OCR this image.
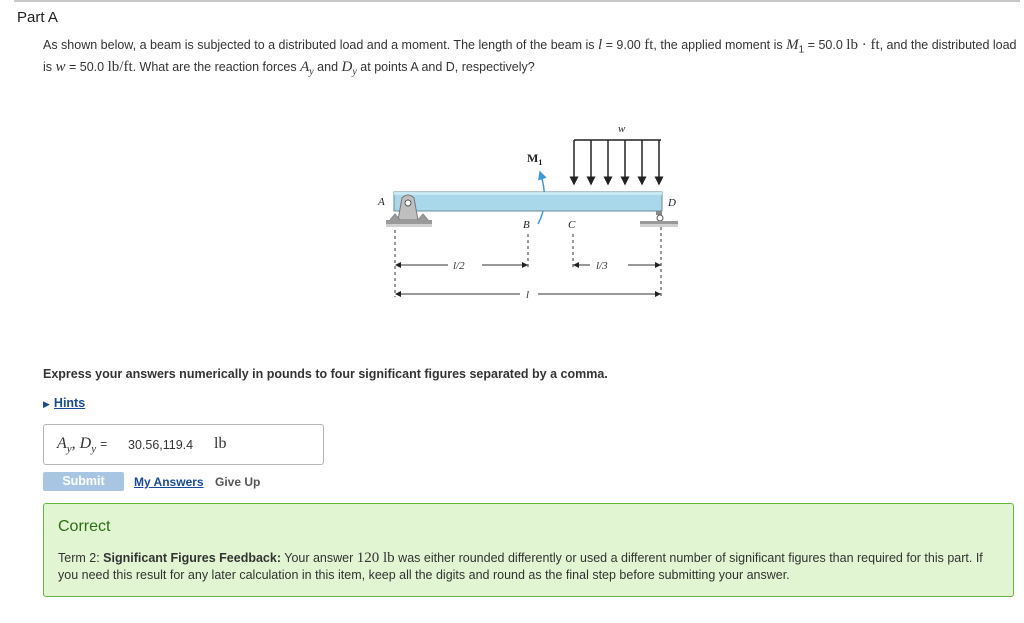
Part A
As shown below, a beam is subjected to a distributed load and a moment. The length of the beam is l = 9.00 ft, the applied moment is $M_1 = 50.0$ lb · ft, and the distributed load is w = 50.0 lb/ft. What are the reaction forces $A_y$ and $D_y$ at points A and D, respectively?
w
$M_1$
A	D
B	C
l/2	l/3
l
Express your answers numerically in pounds to four significant figures separated by a comma.
▶ Hints
$A_y$, $D_y = 30.56,119.4$ lb
Submit	My Answers Give Up
Correct
Term 2: Significant Figures Feedback: Your answer 120 lb was either rounded differently or used a different number of significant figures than required for this part. If you need this result for any later calculation in this item, keep all the digits and round as the final step before submitting your answer.
